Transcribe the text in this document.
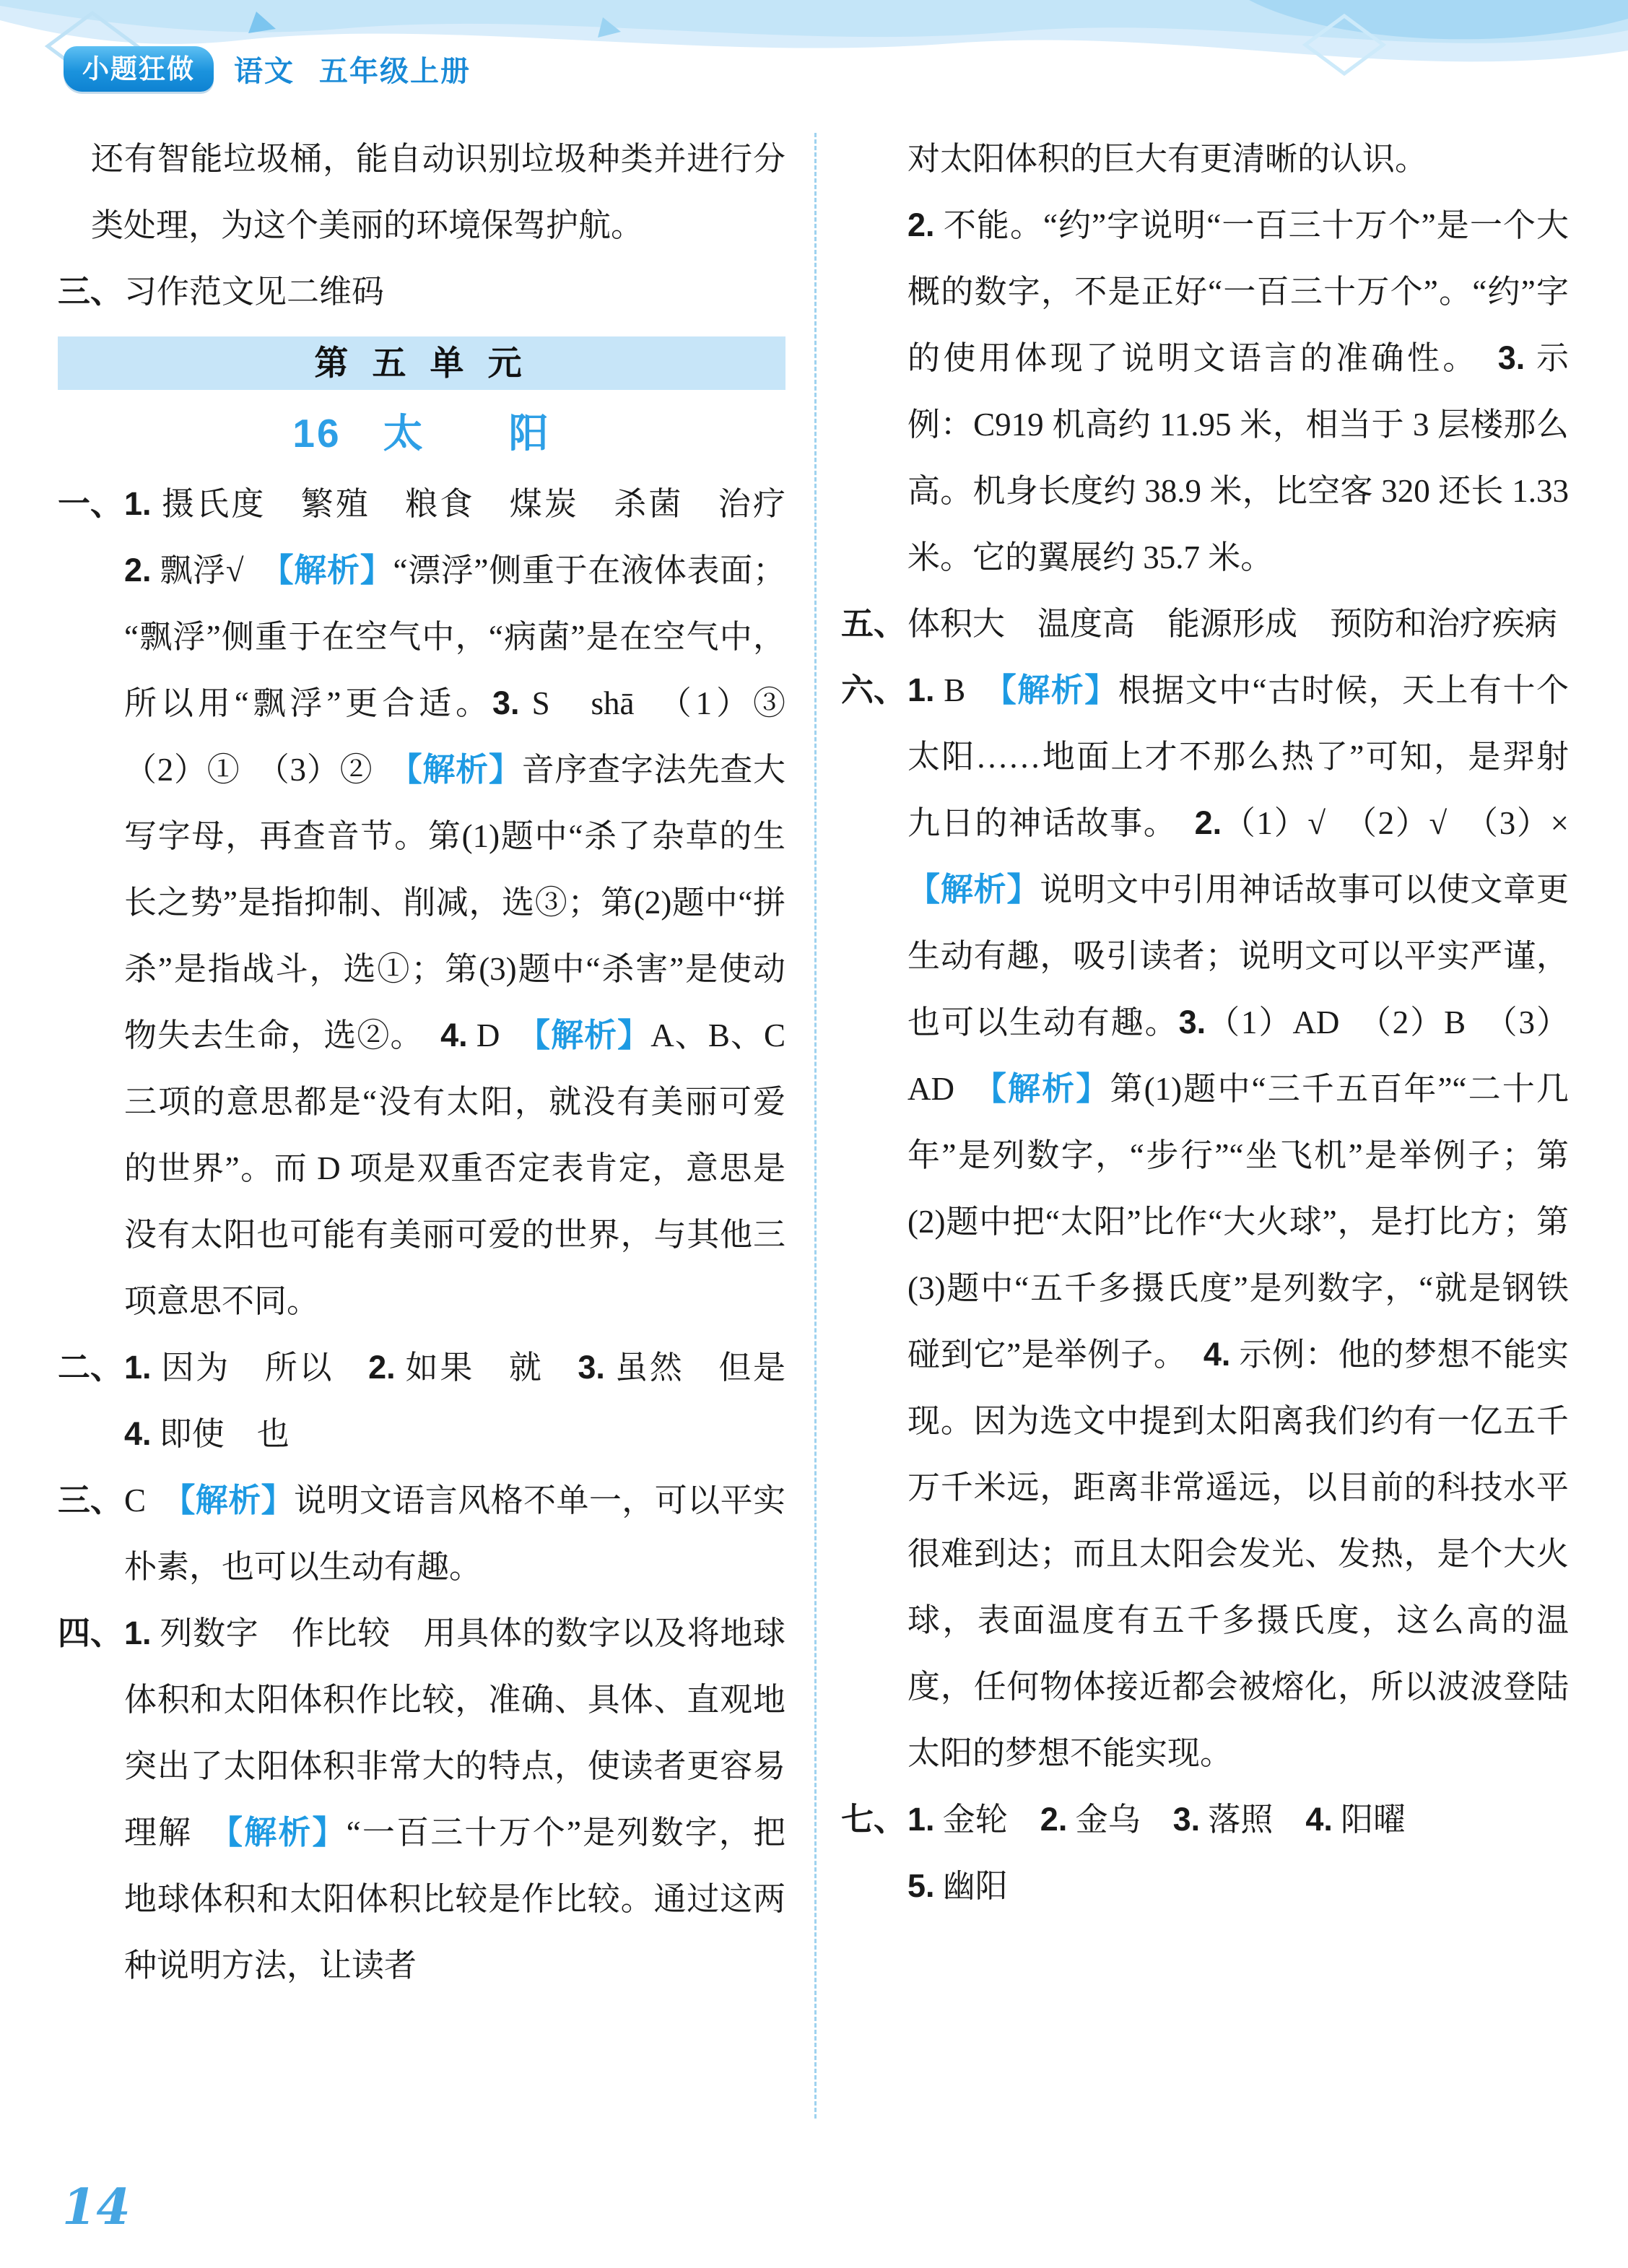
小题狂做	语文 五年级上册
还有智能垃圾桶，能自动识别垃圾种类并进行分类处理，为这个美丽的环境保驾护航。
三、 习作范文见二维码
第 五 单 元
16　太　　阳
一、 1. 摄氏度　繁殖　粮食　煤炭　杀菌　治疗　2. 飘浮√　【解析】“漂浮”侧重于在液体表面；“飘浮”侧重于在空气中，“病菌”是在空气中，所以用“飘浮”更合适。3. S　shā　（1）③　（2）①　（3）②　【解析】音序查字法先查大写字母，再查音节。第(1)题中“杀了杂草的生长之势”是指抑制、削减，选③；第(2)题中“拼杀”是指战斗，选①；第(3)题中“杀害”是使动物失去生命，选②。　4. D　【解析】A、B、C 三项的意思都是“没有太阳，就没有美丽可爱的世界”。而 D 项是双重否定表肯定，意思是没有太阳也可能有美丽可爱的世界，与其他三项意思不同。
二、 1. 因为　所以　2. 如果　就　3. 虽然　但是　4. 即使　也
三、 C　【解析】说明文语言风格不单一，可以平实朴素，也可以生动有趣。
四、 1. 列数字　作比较　用具体的数字以及将地球体积和太阳体积作比较，准确、具体、直观地突出了太阳体积非常大的特点，使读者更容易理解　【解析】“一百三十万个”是列数字，把地球体积和太阳体积比较是作比较。通过这两种说明方法，让读者
对太阳体积的巨大有更清晰的认识。
2. 不能。“约”字说明“一百三十万个”是一个大概的数字，不是正好“一百三十万个”。“约”字的使用体现了说明文语言的准确性。　3. 示例：C919 机高约 11.95 米，相当于 3 层楼那么高。机身长度约 38.9 米，比空客 320 还长 1.33 米。它的翼展约 35.7 米。
五、 体积大　温度高　能源形成　预防和治疗疾病
六、 1. B　【解析】根据文中“古时候，天上有十个太阳……地面上才不那么热了”可知，是羿射九日的神话故事。　2.（1）√　（2）√　（3）×　【解析】说明文中引用神话故事可以使文章更生动有趣，吸引读者；说明文可以平实严谨，也可以生动有趣。3.（1）AD　（2）B　（3）AD　【解析】第(1)题中“三千五百年”“二十几年”是列数字，“步行”“坐飞机”是举例子；第(2)题中把“太阳”比作“大火球”，是打比方；第(3)题中“五千多摄氏度”是列数字，“就是钢铁碰到它”是举例子。　4. 示例：他的梦想不能实现。因为选文中提到太阳离我们约有一亿五千万千米远，距离非常遥远，以目前的科技水平很难到达；而且太阳会发光、发热，是个大火球，表面温度有五千多摄氏度，这么高的温度，任何物体接近都会被熔化，所以波波登陆太阳的梦想不能实现。
七、 1. 金轮　2. 金乌　3. 落照　4. 阳曜
5. 幽阳
14
